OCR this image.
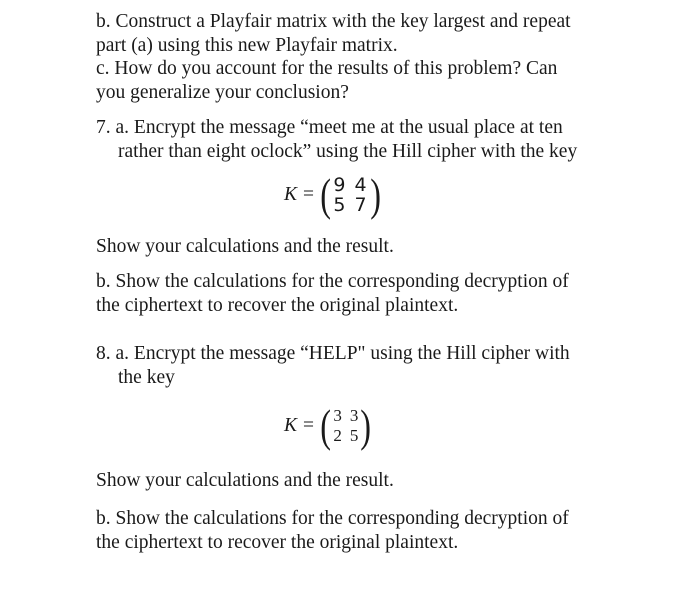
b. Construct a Playfair matrix with the key largest and repeat
part (a) using this new Playfair matrix.
c. How do you account for the results of this problem? Can
you generalize your conclusion?
7. a. Encrypt the message “meet me at the usual place at ten
rather than eight oclock” using the Hill cipher with the key
K = ( 9 4
5 7 )
Show your calculations and the result.
b. Show the calculations for the corresponding decryption of
the ciphertext to recover the original plaintext.
8. a. Encrypt the message “HELP" using the Hill cipher with
the key
K = ( 3 3
2 5 )
Show your calculations and the result.
b. Show the calculations for the corresponding decryption of
the ciphertext to recover the original plaintext.
